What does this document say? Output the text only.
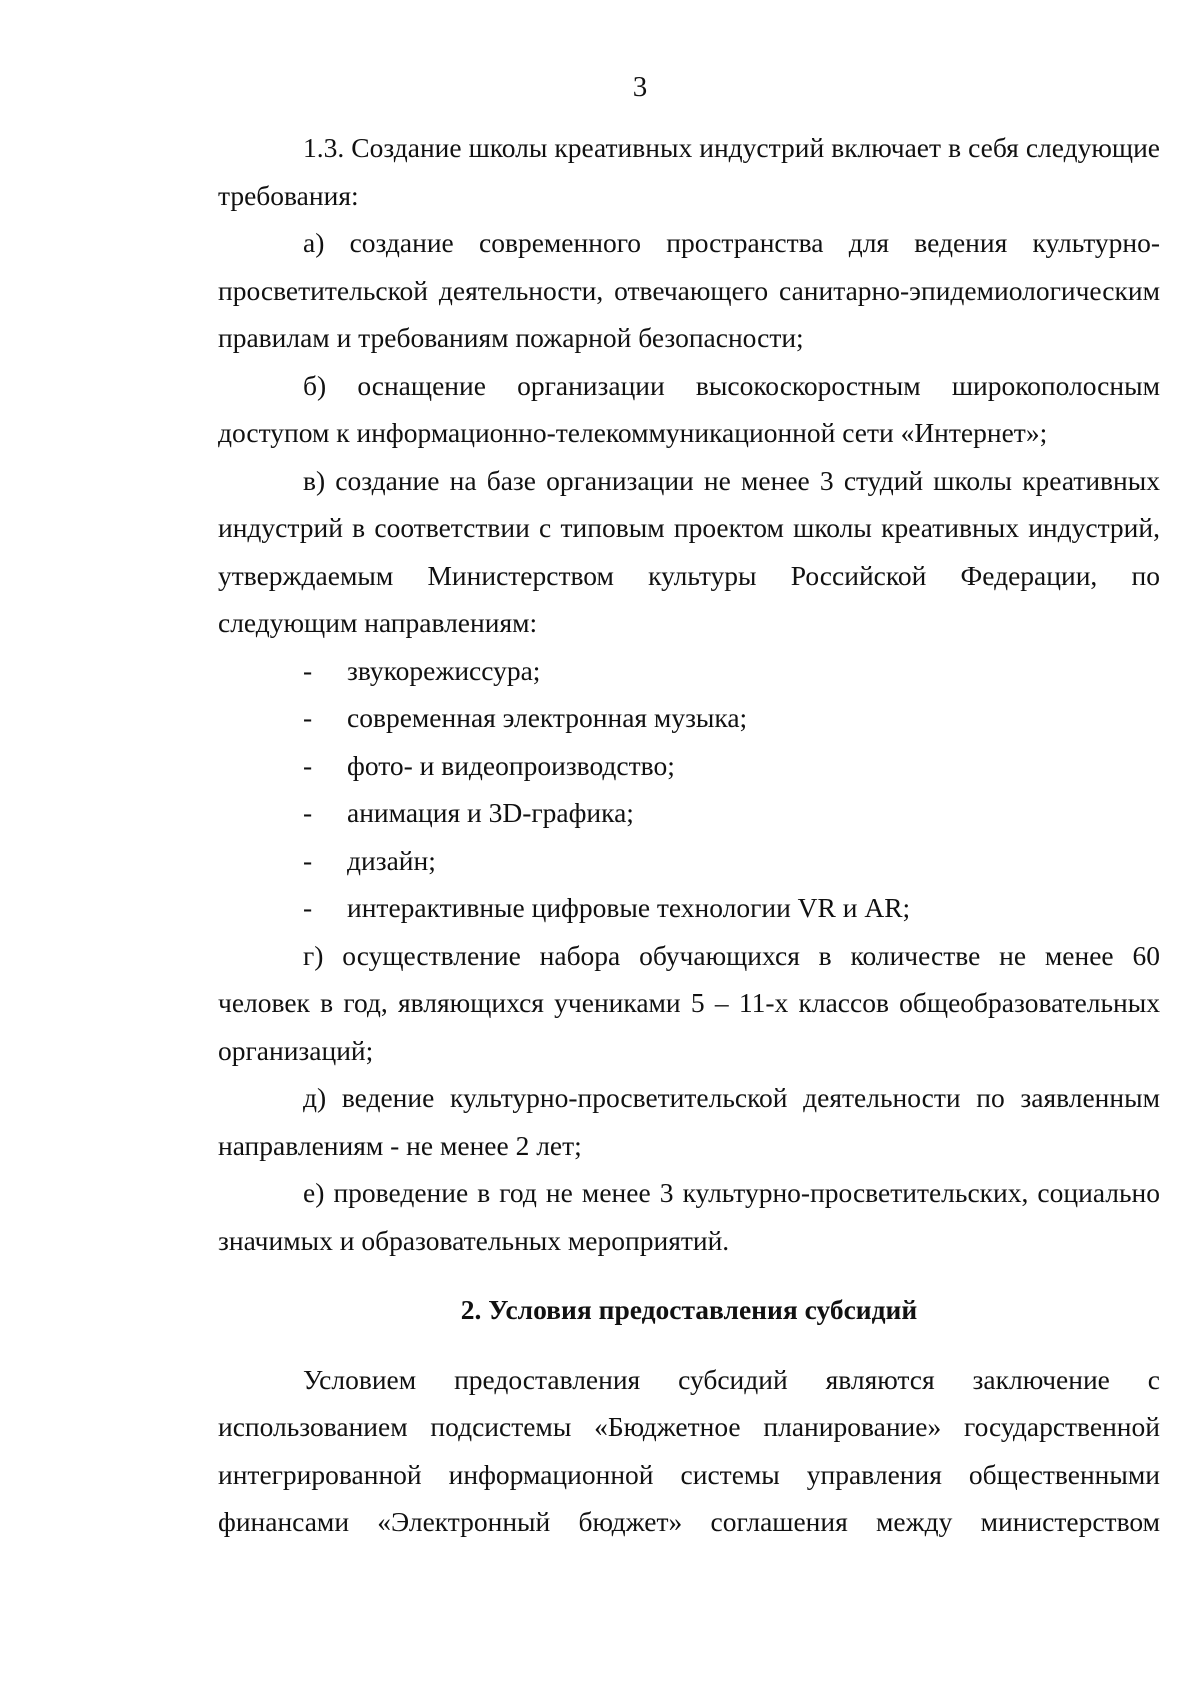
3

1.3. Создание школы креативных индустрий включает в себя следующие требования:

а) создание современного пространства для ведения культурно-просветительской деятельности, отвечающего санитарно-эпидемиологическим правилам и требованиям пожарной безопасности;

б) оснащение организации высокоскоростным широкополосным доступом к информационно-телекоммуникационной сети «Интернет»;

в) создание на базе организации не менее 3 студий школы креативных индустрий в соответствии с типовым проектом школы креативных индустрий, утверждаемым Министерством культуры Российской Федерации, по следующим направлениям:

-	звукорежиссура;
-	современная электронная музыка;
-	фото- и видеопроизводство;
-	анимация и 3D-графика;
-	дизайн;
-	интерактивные цифровые технологии VR и AR;

г) осуществление набора обучающихся в количестве не менее 60 человек в год, являющихся учениками 5 – 11-х классов общеобразовательных организаций;

д) ведение культурно-просветительской деятельности по заявленным направлениям - не менее 2 лет;

е) проведение в год не менее 3 культурно-просветительских, социально значимых и образовательных мероприятий.

2. Условия предоставления субсидий

Условием предоставления субсидий являются заключение с использованием подсистемы «Бюджетное планирование» государственной интегрированной информационной системы управления общественными финансами «Электронный бюджет» соглашения между министерством
